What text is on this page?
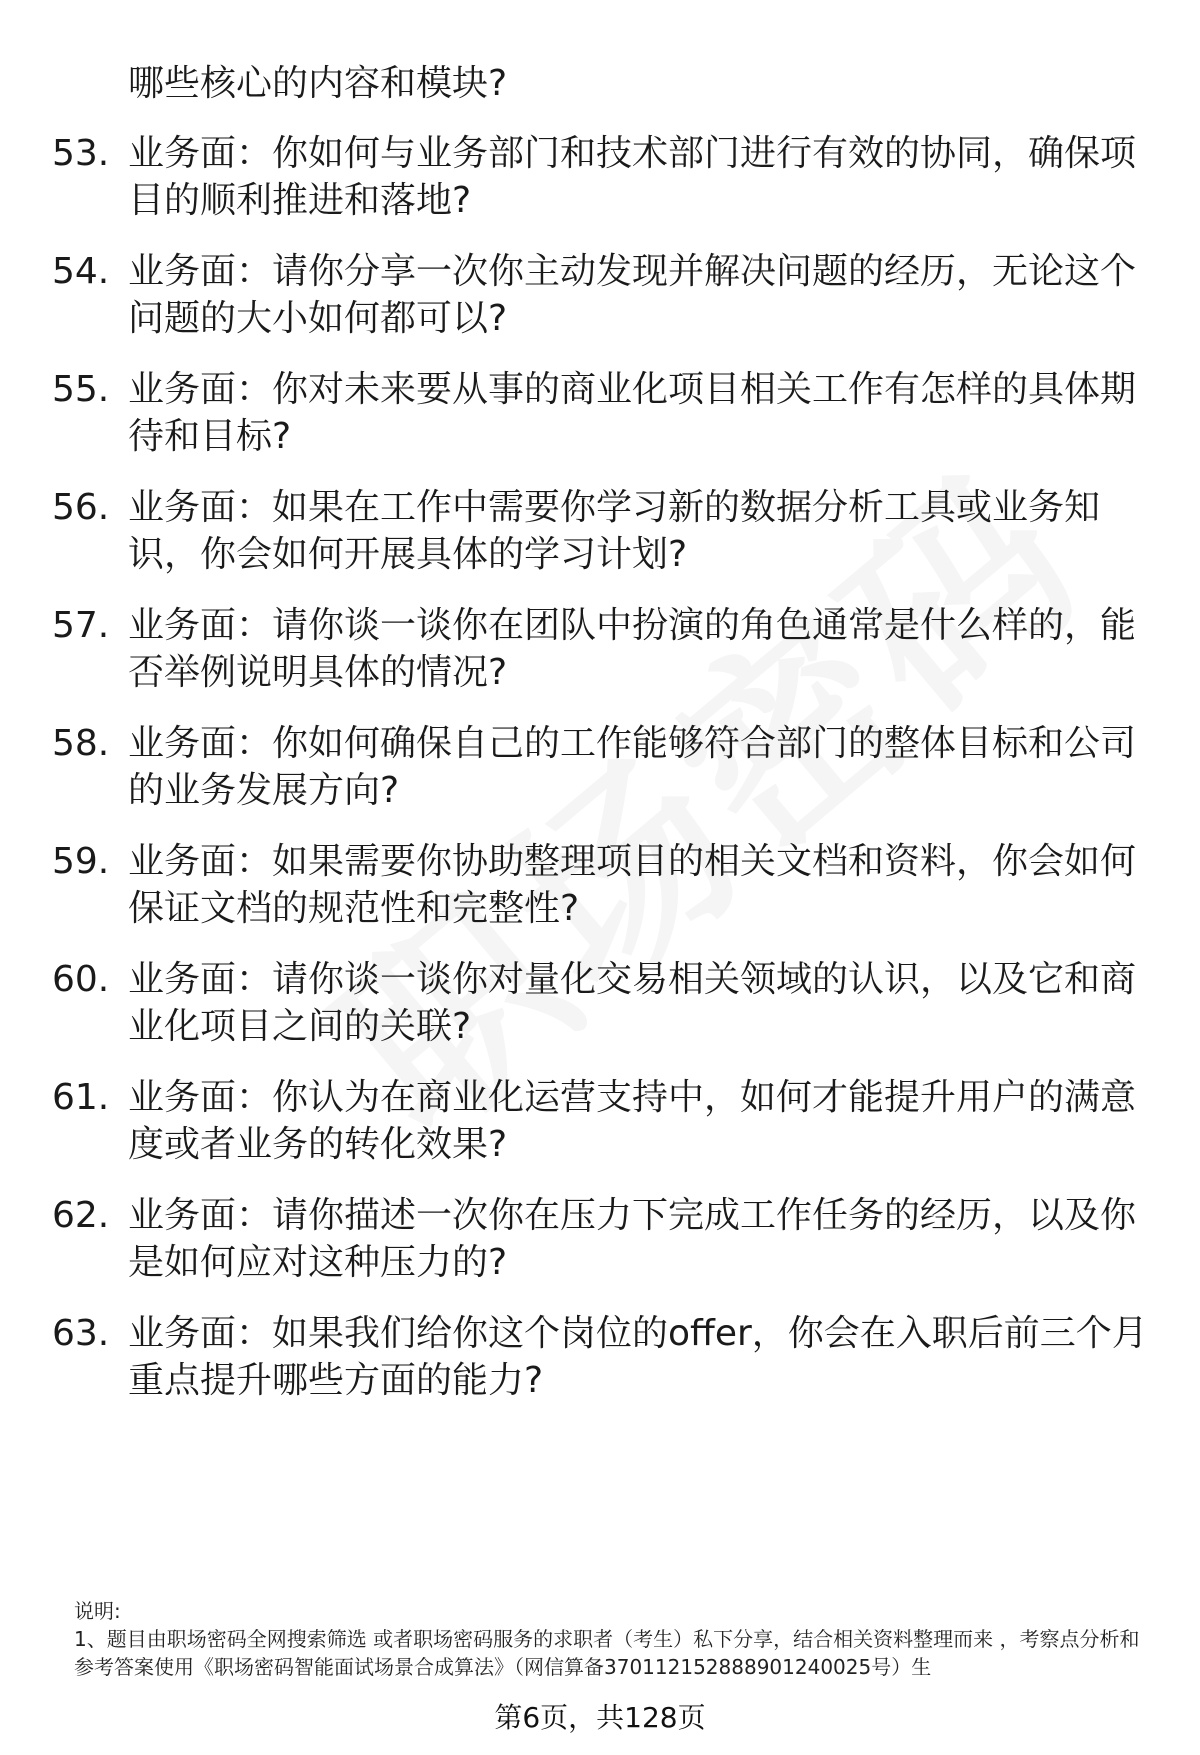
哪些核心的内容和模块?
53. 业务面：你如何与业务部门和技术部门进行有效的协同，确保项目的顺利推进和落地?
54. 业务面：请你分享一次你主动发现并解决问题的经历，无论这个问题的大小如何都可以?
55. 业务面：你对未来要从事的商业化项目相关工作有怎样的具体期待和目标?
56. 业务面：如果在工作中需要你学习新的数据分析工具或业务知识，你会如何开展具体的学习计划?
57. 业务面：请你谈一谈你在团队中扮演的角色通常是什么样的，能否举例说明具体的情况?
58. 业务面：你如何确保自己的工作能够符合部门的整体目标和公司的业务发展方向?
59. 业务面：如果需要你协助整理项目的相关文档和资料，你会如何保证文档的规范性和完整性?
60. 业务面：请你谈一谈你对量化交易相关领域的认识，以及它和商业化项目之间的关联?
61. 业务面：你认为在商业化运营支持中，如何才能提升用户的满意度或者业务的转化效果?
62. 业务面：请你描述一次你在压力下完成工作任务的经历，以及你是如何应对这种压力的?
63. 业务面：如果我们给你这个岗位的offer，你会在入职后前三个月重点提升哪些方面的能力?
说明:
1、题目由职场密码全网搜索筛选 或者职场密码服务的求职者（考生）私下分享，结合相关资料整理而来 ，考察点分析和参考答案使用《职场密码智能面试场景合成算法》（网信算备370112152888901240025号）生
第6页，共128页
